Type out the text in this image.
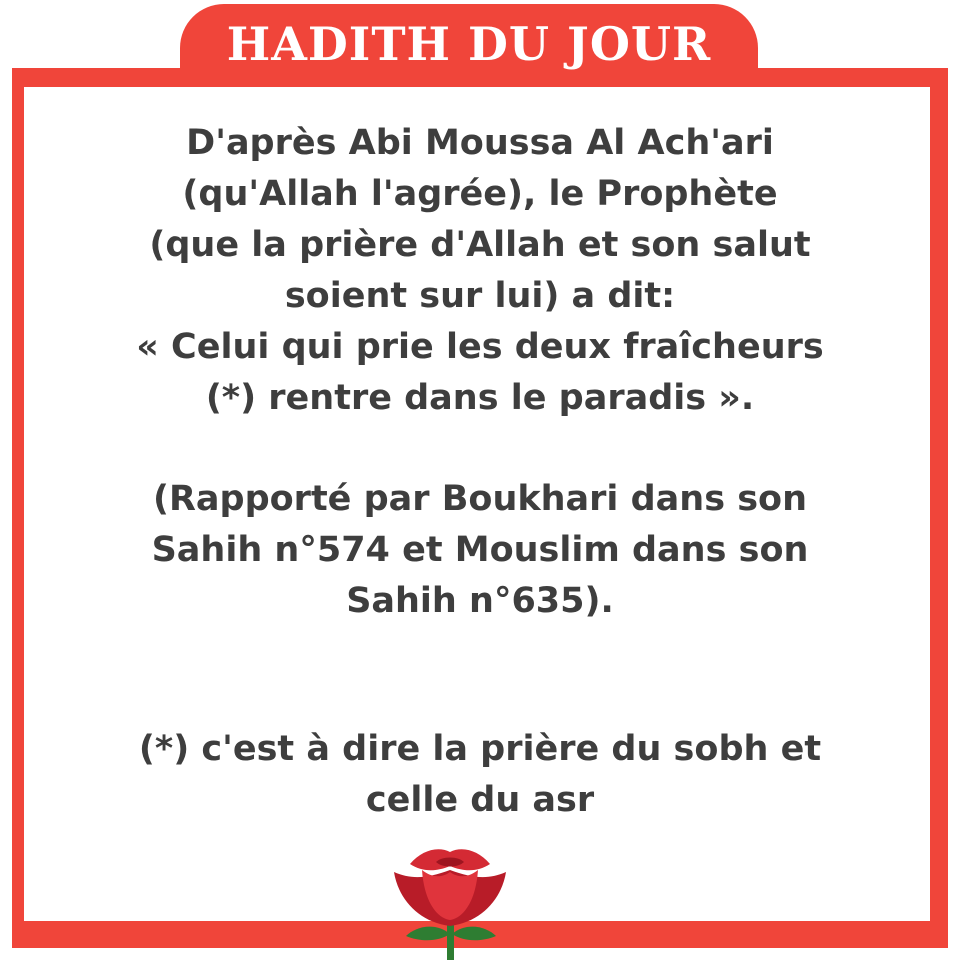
HADITH DU JOUR
D'après Abi Moussa Al Ach'ari
(qu'Allah l'agrée), le Prophète
(que la prière d'Allah et son salut
soient sur lui) a dit:
« Celui qui prie les deux fraîcheurs
(*) rentre dans le paradis ».
(Rapporté par Boukhari dans son
Sahih n°574 et Mouslim dans son
Sahih n°635).
(*) c'est à dire la prière du sobh et
celle du asr
